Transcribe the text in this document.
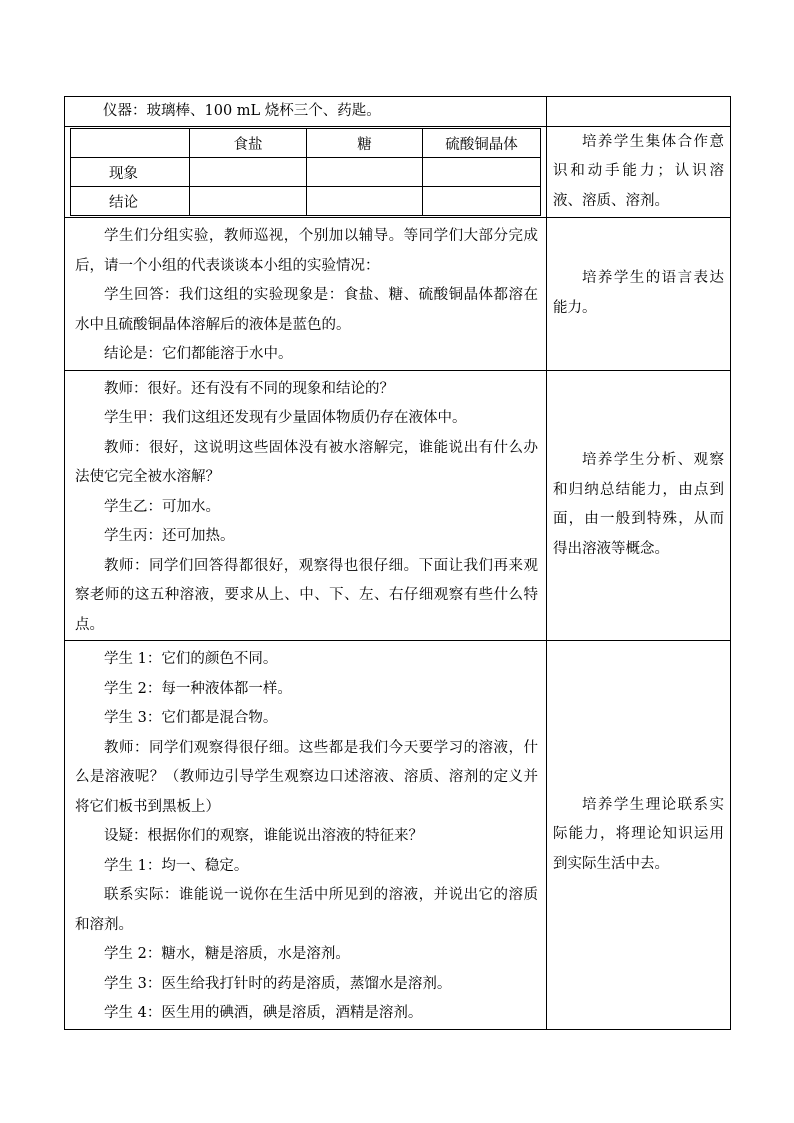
仪器：玻璃棒、100 mL 烧杯三个、药匙。

	食盐	糖	硫酸铜晶体
现象			
结论			

培养学生集体合作意识和动手能力；认识溶液、溶质、溶剂。

学生们分组实验，教师巡视，个别加以辅导。等同学们大部分完成后，请一个小组的代表谈谈本小组的实验情况：

学生回答：我们这组的实验现象是：食盐、糖、硫酸铜晶体都溶在水中且硫酸铜晶体溶解后的液体是蓝色的。

结论是：它们都能溶于水中。

培养学生的语言表达能力。

教师：很好。还有没有不同的现象和结论的？

学生甲：我们这组还发现有少量固体物质仍存在液体中。

教师：很好，这说明这些固体没有被水溶解完，谁能说出有什么办法使它完全被水溶解？

学生乙：可加水。

学生丙：还可加热。

教师：同学们回答得都很好，观察得也很仔细。下面让我们再来观察老师的这五种溶液，要求从上、中、下、左、右仔细观察有些什么特点。

培养学生分析、观察和归纳总结能力，由点到面，由一般到特殊，从而得出溶液等概念。

学生 1：它们的颜色不同。

学生 2：每一种液体都一样。

学生 3：它们都是混合物。

教师：同学们观察得很仔细。这些都是我们今天要学习的溶液，什么是溶液呢？（教师边引导学生观察边口述溶液、溶质、溶剂的定义并将它们板书到黑板上）

设疑：根据你们的观察，谁能说出溶液的特征来？

学生 1：均一、稳定。

联系实际：谁能说一说你在生活中所见到的溶液，并说出它的溶质和溶剂。

学生 2：糖水，糖是溶质，水是溶剂。

学生 3：医生给我打针时的药是溶质，蒸馏水是溶剂。

学生 4：医生用的碘酒，碘是溶质，酒精是溶剂。

培养学生理论联系实际能力，将理论知识运用到实际生活中去。
